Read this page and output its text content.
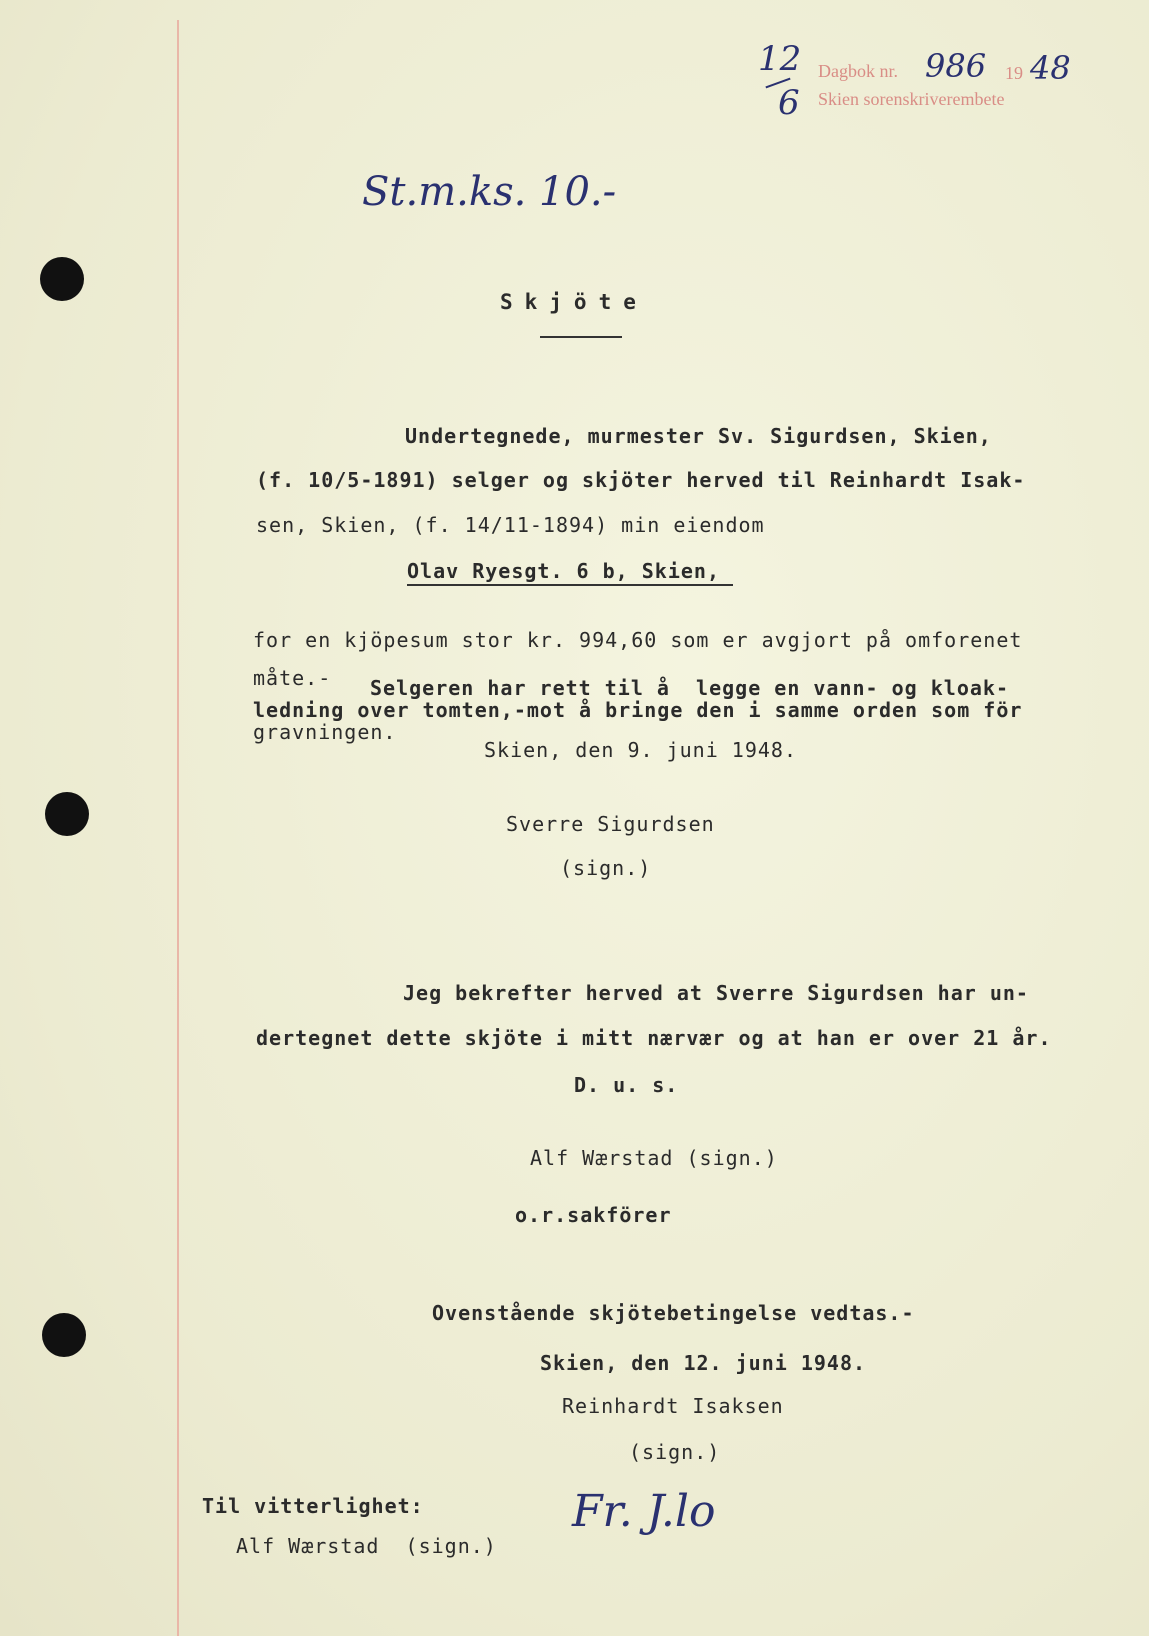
12
6
Dagbok nr. 986 19 48
Skien sorenskriverembete
St.m.ks. 10.-
Skjöte
Undertegnede, murmester Sv. Sigurdsen, Skien,
(f. 10/5-1891) selger og skjöter herved til Reinhardt Isak-
sen, Skien, (f. 14/11-1894) min eiendom
Olav Ryesgt. 6 b, Skien,
for en kjöpesum stor kr. 994,60 som er avgjort på omforenet
måte.- Selgeren har rett til å  legge en vann- og kloak-
ledning over tomten,-mot å bringe den i samme orden som för
gravningen.
Skien, den 9. juni 1948.
Sverre Sigurdsen
(sign.)
Jeg bekrefter herved at Sverre Sigurdsen har un-
dertegnet dette skjöte i mitt nærvær og at han er over 21 år.
D. u. s.
Alf Wærstad (sign.)
o.r.sakförer
Ovenstående skjötebetingelse vedtas.-
Skien, den 12. juni 1948.
Reinhardt Isaksen
(sign.)
Til vitterlighet:
Alf Wærstad  (sign.)
Fr. J.lo
